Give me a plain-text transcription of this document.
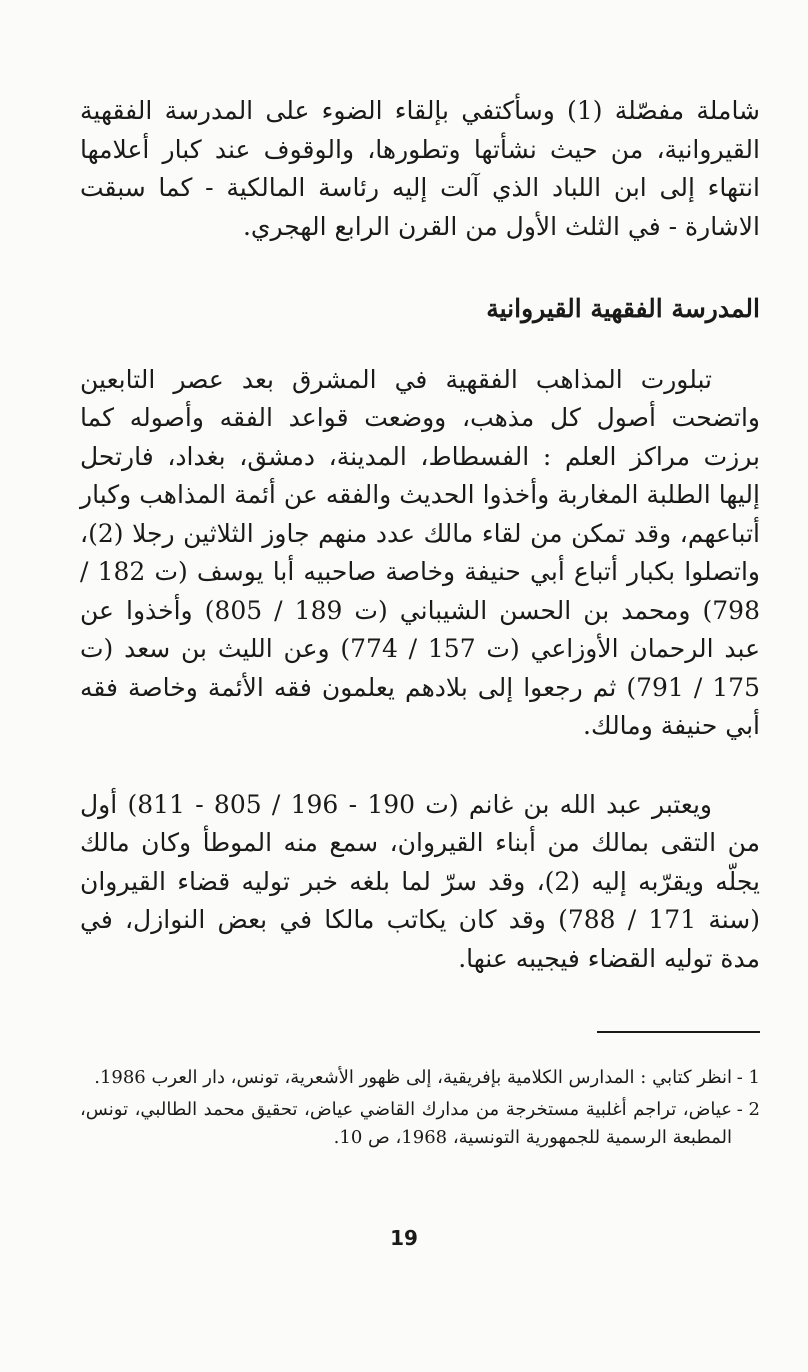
شاملة مفصّلة (1) وسأكتفي بإلقاء الضوء على المدرسة الفقهية القيروانية، من حيث نشأتها وتطورها، والوقوف عند كبار أعلامها انتهاء إلى ابن اللباد الذي آلت إليه رئاسة المالكية - كما سبقت الاشارة - في الثلث الأول من القرن الرابع الهجري.

المدرسة الفقهية القيروانية

تبلورت المذاهب الفقهية في المشرق بعد عصر التابعين واتضحت أصول كل مذهب، ووضعت قواعد الفقه وأصوله كما برزت مراكز العلم : الفسطاط، المدينة، دمشق، بغداد، فارتحل إليها الطلبة المغاربة وأخذوا الحديث والفقه عن أئمة المذاهب وكبار أتباعهم، وقد تمكن من لقاء مالك عدد منهم جاوز الثلاثين رجلا (2)، واتصلوا بكبار أتباع أبي حنيفة وخاصة صاحبيه أبا يوسف (ت 182 / 798) ومحمد بن الحسن الشيباني (ت 189 / 805) وأخذوا عن عبد الرحمان الأوزاعي (ت 157 / 774) وعن الليث بن سعد (ت 175 / 791) ثم رجعوا إلى بلادهم يعلمون فقه الأئمة وخاصة فقه أبي حنيفة ومالك.

ويعتبر عبد الله بن غانم (ت 190 - 196 / 805 - 811) أول من التقى بمالك من أبناء القيروان، سمع منه الموطأ وكان مالك يجلّه ويقرّبه إليه (2)، وقد سرّ لما بلغه خبر توليه قضاء القيروان (سنة 171 / 788) وقد كان يكاتب مالكا في بعض النوازل، في مدة توليه القضاء فيجيبه عنها.

1 -
انظر كتابي : المدارس الكلامية بإفريقية، إلى ظهور الأشعرية، تونس، دار العرب 1986.
2 -
عياض، تراجم أغلبية مستخرجة من مدارك القاضي عياض، تحقيق محمد الطالبي، تونس، المطبعة الرسمية للجمهورية التونسية، 1968، ص 10.
19
